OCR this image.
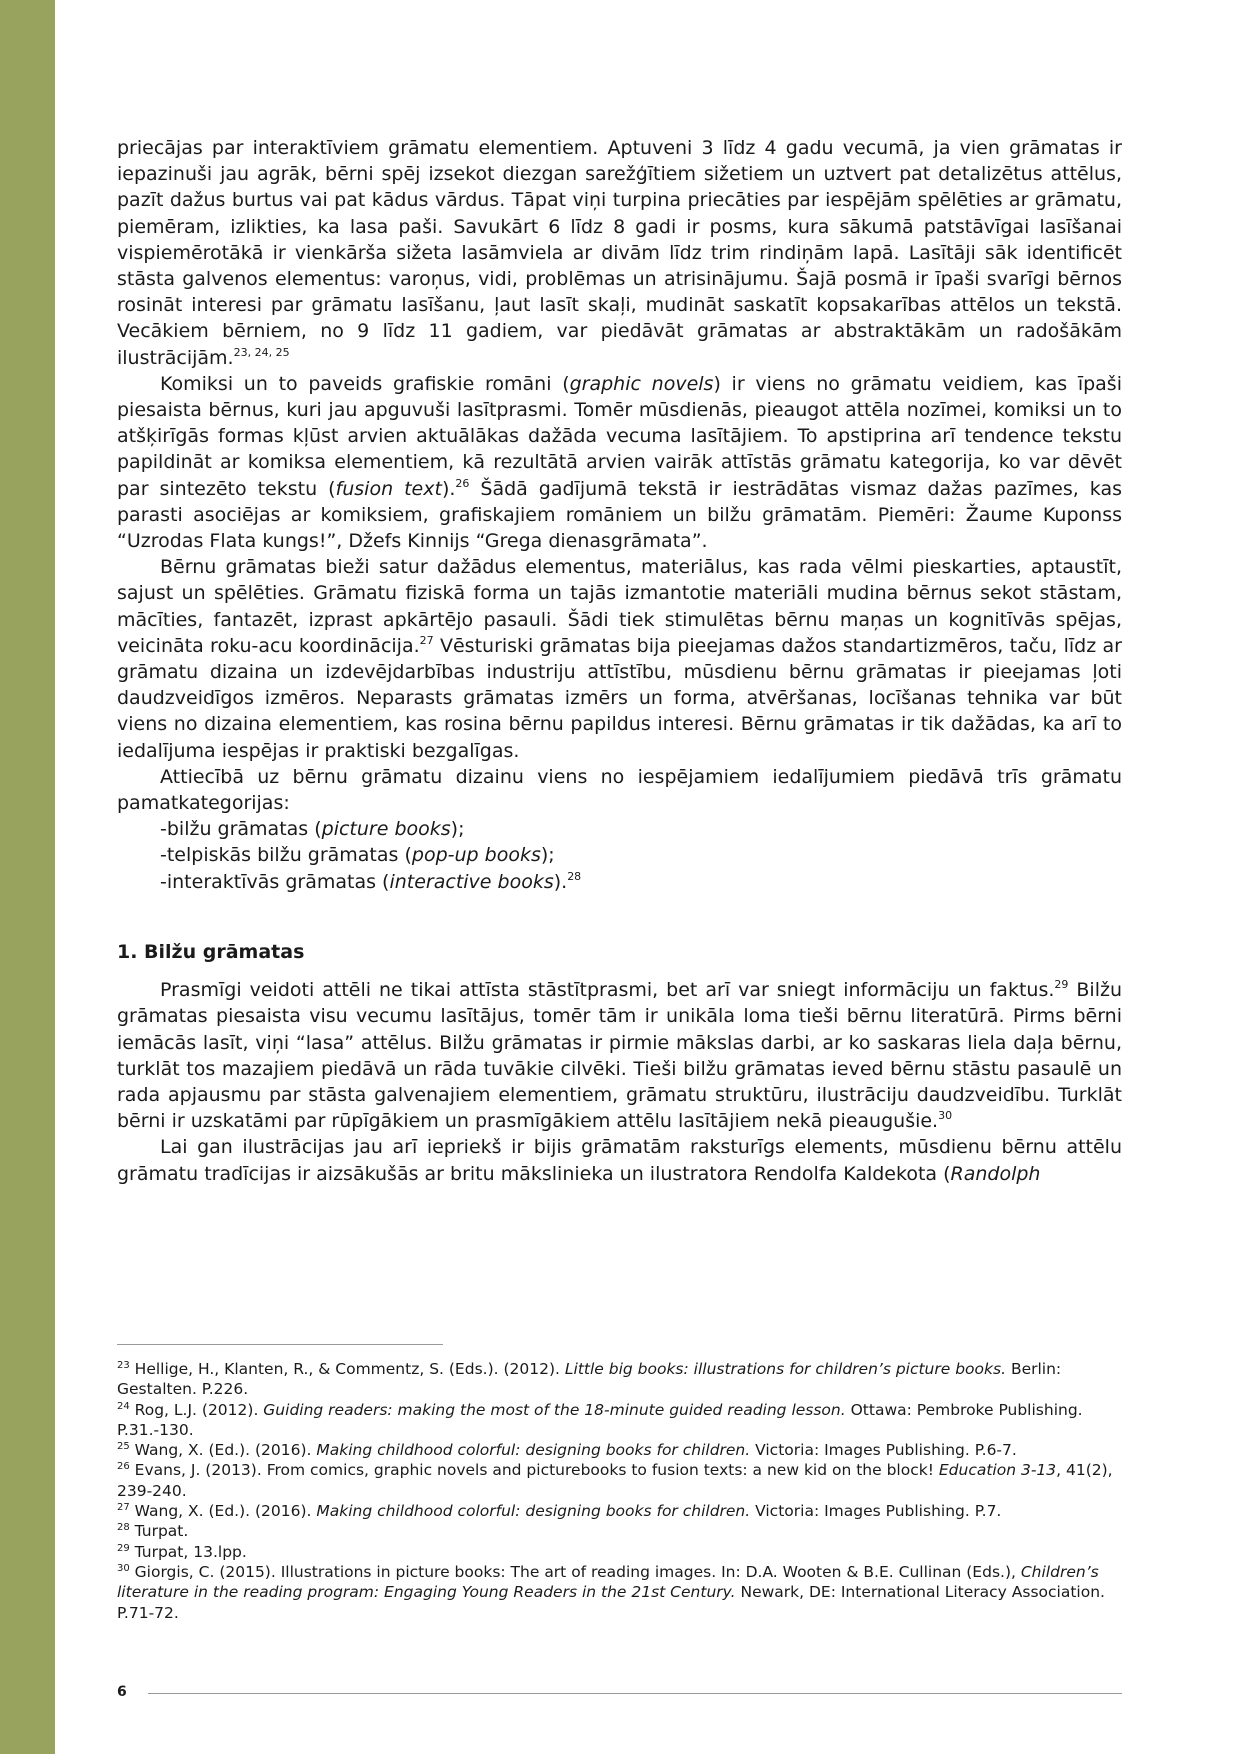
priecājas par interaktīviem grāmatu elementiem. Aptuveni 3 līdz 4 gadu vecumā, ja vien grāmatas ir iepazinuši jau agrāk, bērni spēj izsekot diezgan sarežģītiem sižetiem un uztvert pat detalizētus attēlus, pazīt dažus burtus vai pat kādus vārdus. Tāpat viņi turpina priecāties par iespējām spēlēties ar grāmatu, piemēram, izlikties, ka lasa paši. Savukārt 6 līdz 8 gadi ir posms, kura sākumā patstāvīgai lasīšanai vispiemērotākā ir vienkārša sižeta lasāmviela ar divām līdz trim rindiņām lapā. Lasītāji sāk identificēt stāsta galvenos elementus: varoņus, vidi, problēmas un atrisinājumu. Šajā posmā ir īpaši svarīgi bērnos rosināt interesi par grāmatu lasīšanu, ļaut lasīt skaļi, mudināt saskatīt kopsakarības attēlos un tekstā. Vecākiem bērniem, no 9 līdz 11 gadiem, var piedāvāt grāmatas ar abstraktākām un radošākām ilustrācijām.$^{23, 24, 25}$

Komiksi un to paveids grafiskie romāni (graphic novels) ir viens no grāmatu veidiem, kas īpaši piesaista bērnus, kuri jau apguvuši lasītprasmi. Tomēr mūsdienās, pieaugot attēla nozīmei, komiksi un to atšķirīgās formas kļūst arvien aktuālākas dažāda vecuma lasītājiem. To apstiprina arī tendence tekstu papildināt ar komiksa elementiem, kā rezultātā arvien vairāk attīstās grāmatu kategorija, ko var dēvēt par sintezēto tekstu (fusion text).$^{26}$ Šādā gadījumā tekstā ir iestrādātas vismaz dažas pazīmes, kas parasti asociējas ar komiksiem, grafiskajiem romāniem un bilžu grāmatām. Piemēri: Žaume Kuponss “Uzrodas Flata kungs!”, Džefs Kinnijs “Grega dienasgrāmata”.

Bērnu grāmatas bieži satur dažādus elementus, materiālus, kas rada vēlmi pieskarties, aptaustīt, sajust un spēlēties. Grāmatu fiziskā forma un tajās izmantotie materiāli mudina bērnus sekot stāstam, mācīties, fantazēt, izprast apkārtējo pasauli. Šādi tiek stimulētas bērnu maņas un kognitīvās spējas, veicināta roku-acu koordinācija.$^{27}$ Vēsturiski grāmatas bija pieejamas dažos standartizmēros, taču, līdz ar grāmatu dizaina un izdevējdarbības industriju attīstību, mūsdienu bērnu grāmatas ir pieejamas ļoti daudzveidīgos izmēros. Neparasts grāmatas izmērs un forma, atvēršanas, locīšanas tehnika var būt viens no dizaina elementiem, kas rosina bērnu papildus interesi. Bērnu grāmatas ir tik dažādas, ka arī to iedalījuma iespējas ir praktiski bezgalīgas.

Attiecībā uz bērnu grāmatu dizainu viens no iespējamiem iedalījumiem piedāvā trīs grāmatu pamatkategorijas:

-bilžu grāmatas (picture books);

-telpiskās bilžu grāmatas (pop-up books);

-interaktīvās grāmatas (interactive books).$^{28}$

1. Bilžu grāmatas

Prasmīgi veidoti attēli ne tikai attīsta stāstītprasmi, bet arī var sniegt informāciju un faktus.$^{29}$ Bilžu grāmatas piesaista visu vecumu lasītājus, tomēr tām ir unikāla loma tieši bērnu literatūrā. Pirms bērni iemācās lasīt, viņi “lasa” attēlus. Bilžu grāmatas ir pirmie mākslas darbi, ar ko saskaras liela daļa bērnu, turklāt tos mazajiem piedāvā un rāda tuvākie cilvēki. Tieši bilžu grāmatas ieved bērnu stāstu pasaulē un rada apjausmu par stāsta galvenajiem elementiem, grāmatu struktūru, ilustrāciju daudzveidību. Turklāt bērni ir uzskatāmi par rūpīgākiem un prasmīgākiem attēlu lasītājiem nekā pieaugušie.$^{30}$

Lai gan ilustrācijas jau arī iepriekš ir bijis grāmatām raksturīgs elements, mūsdienu bērnu attēlu grāmatu tradīcijas ir aizsākušās ar britu mākslinieka un ilustratora Rendolfa Kaldekota (Randolph

$^{23}$ Hellige, H., Klanten, R., & Commentz, S. (Eds.). (2012). Little big books: illustrations for children’s picture books. Berlin: Gestalten. P.226.

$^{24}$ Rog, L.J. (2012). Guiding readers: making the most of the 18-minute guided reading lesson. Ottawa: Pembroke Publishing. P.31.-130.

$^{25}$ Wang, X. (Ed.). (2016). Making childhood colorful: designing books for children. Victoria: Images Publishing. P.6-7.

$^{26}$ Evans, J. (2013). From comics, graphic novels and picturebooks to fusion texts: a new kid on the block! Education 3-13, 41(2), 239-240.

$^{27}$ Wang, X. (Ed.). (2016). Making childhood colorful: designing books for children. Victoria: Images Publishing. P.7.

$^{28}$ Turpat.

$^{29}$ Turpat, 13.lpp.

$^{30}$ Giorgis, C. (2015). Illustrations in picture books: The art of reading images. In: D.A. Wooten & B.E. Cullinan (Eds.), Children’s literature in the reading program: Engaging Young Readers in the 21st Century. Newark, DE: International Literacy Association. P.71-72.

6
